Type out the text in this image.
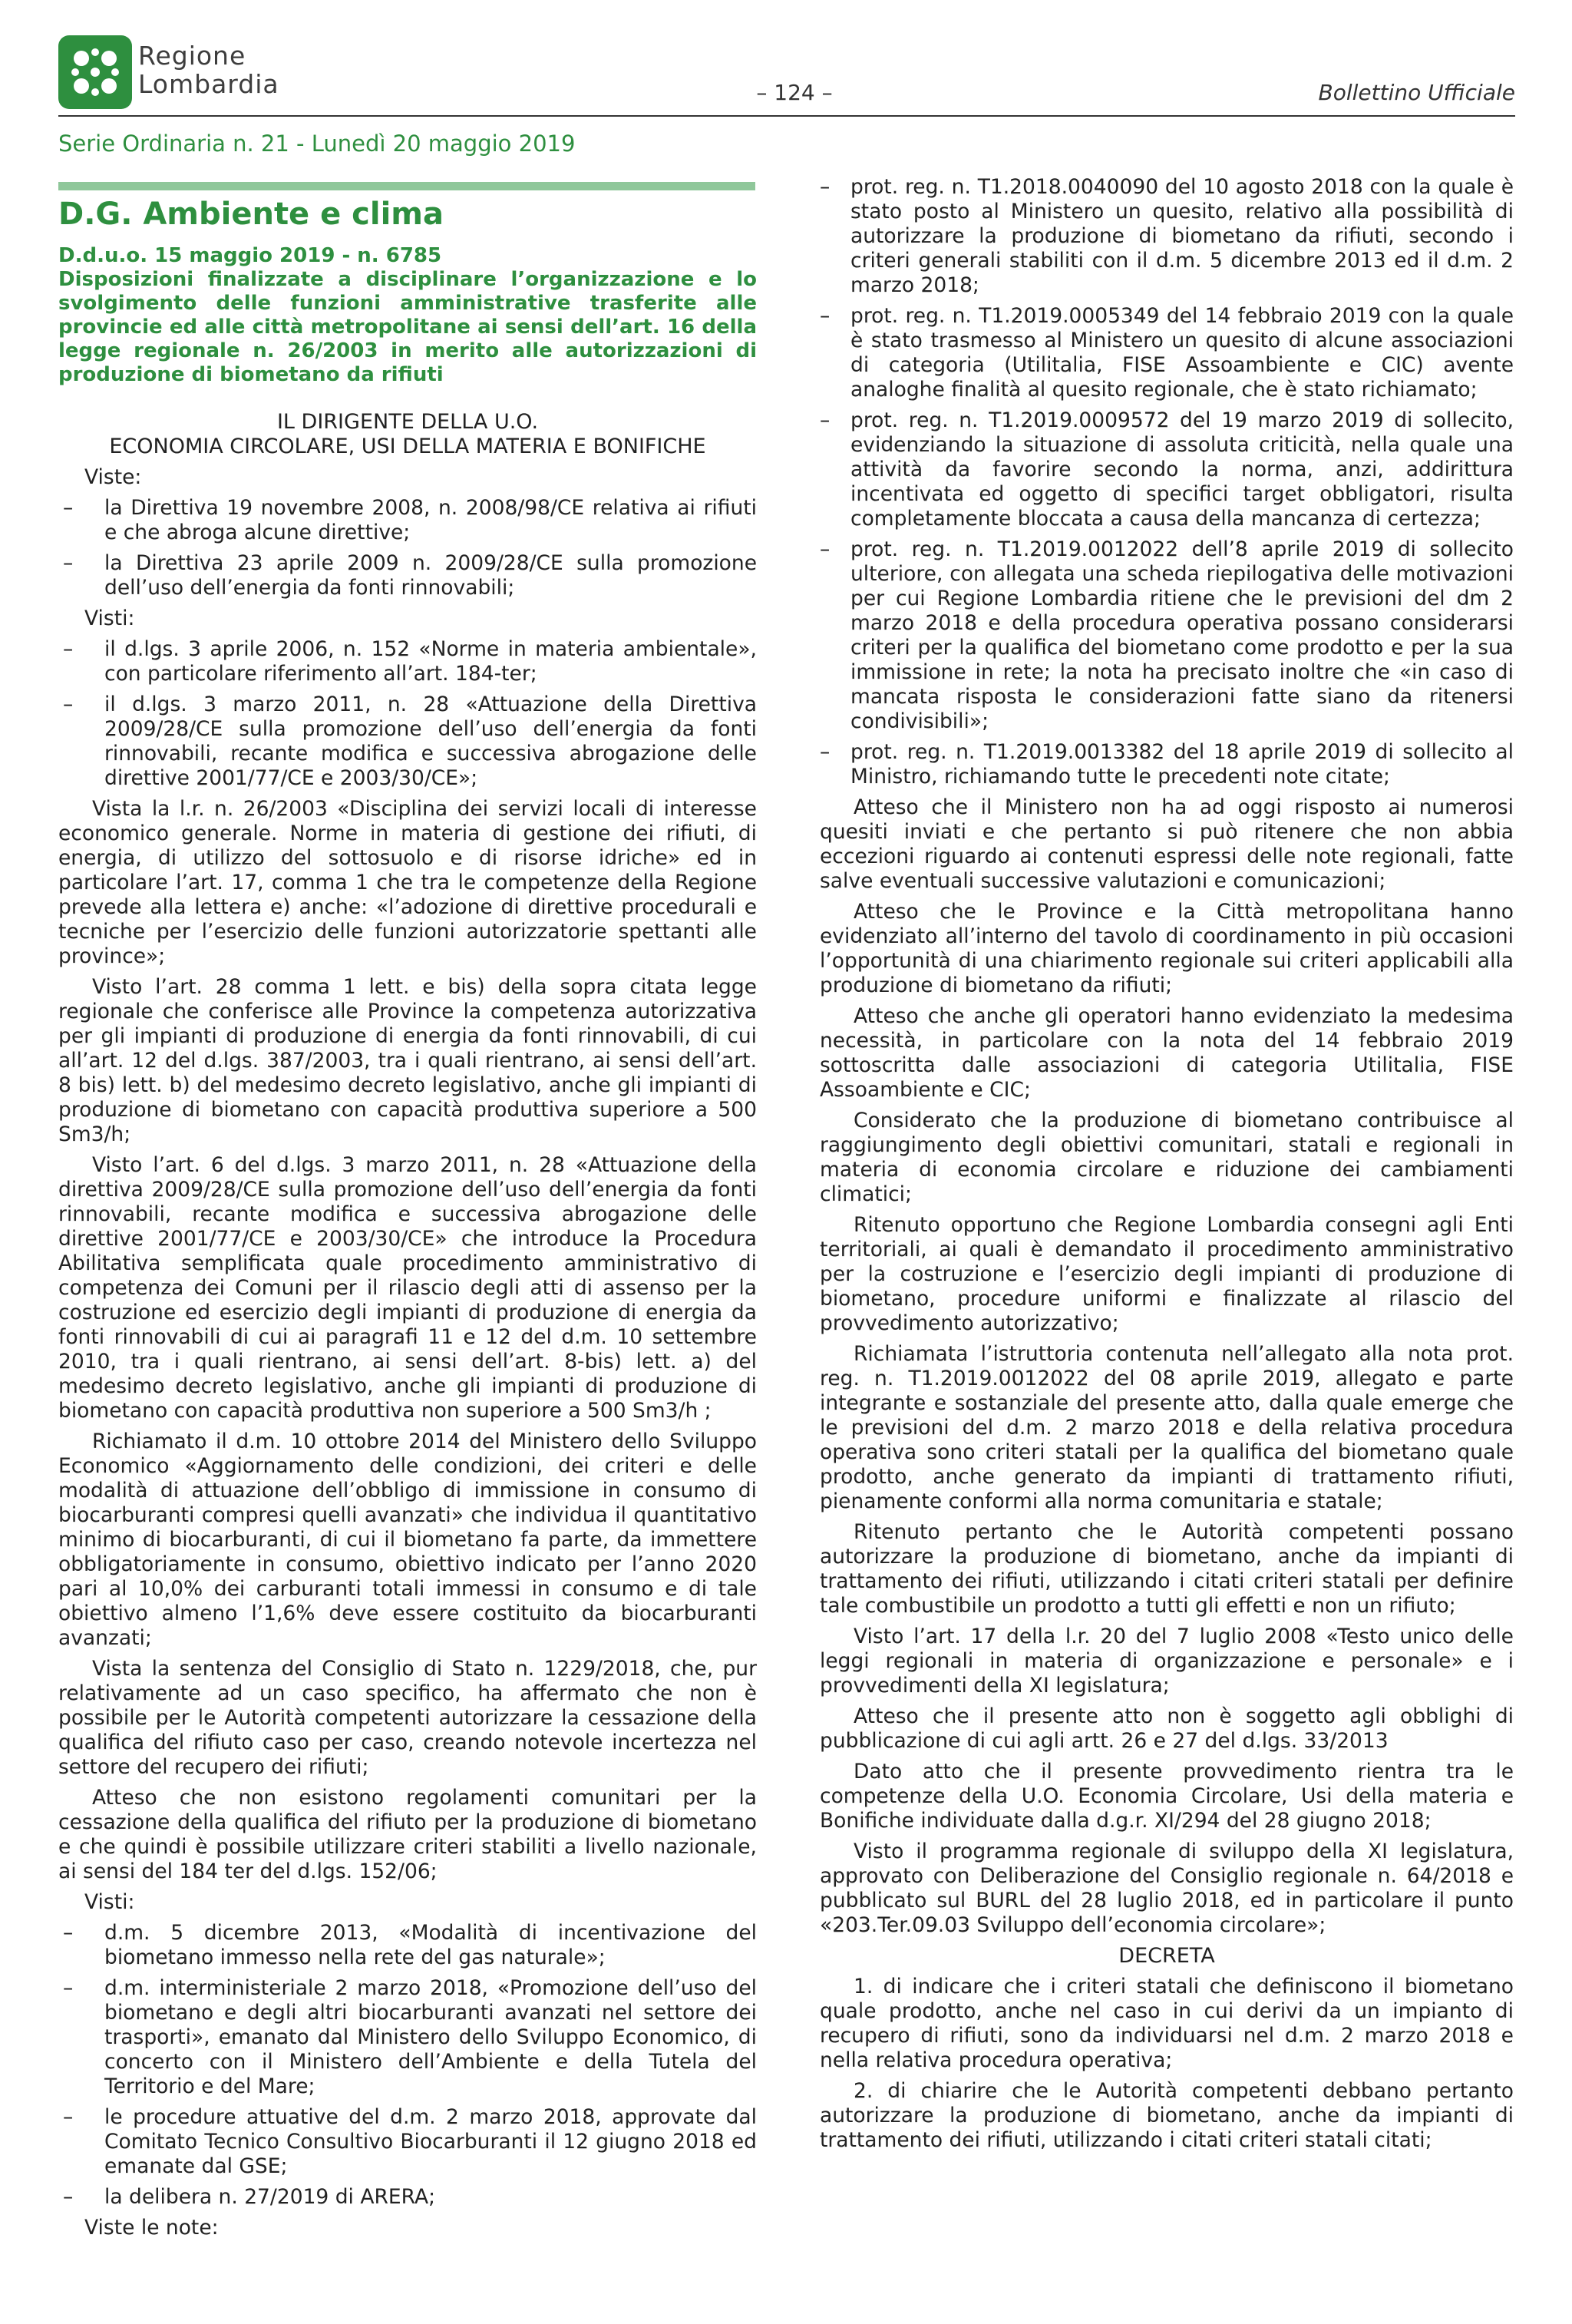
Regione
Lombardia	– 124 –	Bollettino Ufficiale
Serie Ordinaria n. 21 - Lunedì 20 maggio 2019
D.G. Ambiente e clima
D.d.u.o. 15 maggio 2019 - n. 6785
Disposizioni finalizzate a disciplinare l’organizzazione e lo svolgimento delle funzioni amministrative trasferite alle provincie ed alle città metropolitane ai sensi dell’art. 16 della legge regionale n. 26/2003 in merito alle autorizzazioni di produzione di biometano da rifiuti
IL DIRIGENTE DELLA U.O.
ECONOMIA CIRCOLARE, USI DELLA MATERIA E BONIFICHE
Viste:
–	la Direttiva 19 novembre 2008, n. 2008/98/CE relativa ai rifiuti e che abroga alcune direttive;
–	la Direttiva 23 aprile 2009 n. 2009/28/CE sulla promozione dell’uso dell’energia da fonti rinnovabili;
Visti:
–	il d.lgs. 3 aprile 2006, n. 152 «Norme in materia ambientale», con particolare riferimento all’art. 184-ter;
–	il d.lgs. 3 marzo 2011, n. 28 «Attuazione della Direttiva 2009/28/CE sulla promozione dell’uso dell’energia da fonti rinnovabili, recante modifica e successiva abrogazione delle direttive 2001/77/CE e 2003/30/CE»;

Vista la l.r. n. 26/2003 «Disciplina dei servizi locali di interesse economico generale. Norme in materia di gestione dei rifiuti, di energia, di utilizzo del sottosuolo e di risorse idriche» ed in particolare l’art. 17, comma 1 che tra le competenze della Regione prevede alla lettera e) anche: «l’adozione di direttive procedurali e tecniche per l’esercizio delle funzioni autorizzatorie spettanti alle province»;

Visto l’art. 28 comma 1 lett. e bis) della sopra citata legge regionale che conferisce alle Province la competenza autorizzativa per gli impianti di produzione di energia da fonti rinnovabili, di cui all’art. 12 del d.lgs. 387/2003, tra i quali rientrano, ai sensi dell’art. 8 bis) lett. b) del medesimo decreto legislativo, anche gli impianti di produzione di biometano con capacità produttiva superiore a 500 Sm3/h;

Visto l’art. 6 del d.lgs. 3 marzo 2011, n. 28 «Attuazione della direttiva 2009/28/CE sulla promozione dell’uso dell’energia da fonti rinnovabili, recante modifica e successiva abrogazione delle direttive 2001/77/CE e 2003/30/CE» che introduce la Procedura Abilitativa semplificata quale procedimento amministrativo di competenza dei Comuni per il rilascio degli atti di assenso per la costruzione ed esercizio degli impianti di produzione di energia da fonti rinnovabili di cui ai paragrafi 11 e 12 del d.m. 10 settembre 2010, tra i quali rientrano, ai sensi dell’art. 8-bis) lett. a) del medesimo decreto legislativo, anche gli impianti di produzione di biometano con capacità produttiva non superiore a 500 Sm3/h ;

Richiamato il d.m. 10 ottobre 2014 del Ministero dello Sviluppo Economico «Aggiornamento delle condizioni, dei criteri e delle modalità di attuazione dell’obbligo di immissione in consumo di biocarburanti compresi quelli avanzati» che individua il quantitativo minimo di biocarburanti, di cui il biometano fa parte, da immettere obbligatoriamente in consumo, obiettivo indicato per l’anno 2020 pari al 10,0% dei carburanti totali immessi in consumo e di tale obiettivo almeno l’1,6% deve essere costituito da biocarburanti avanzati;

Vista la sentenza del Consiglio di Stato n. 1229/2018, che, pur relativamente ad un caso specifico, ha affermato che non è possibile per le Autorità competenti autorizzare la cessazione della qualifica del rifiuto caso per caso, creando notevole incertezza nel settore del recupero dei rifiuti;

Atteso che non esistono regolamenti comunitari per la cessazione della qualifica del rifiuto per la produzione di biometano e che quindi è possibile utilizzare criteri stabiliti a livello nazionale, ai sensi del 184 ter del d.lgs. 152/06;

Visti:
–	d.m. 5 dicembre 2013, «Modalità di incentivazione del biometano immesso nella rete del gas naturale»;
–	d.m. interministeriale 2 marzo 2018, «Promozione dell’uso del biometano e degli altri biocarburanti avanzati nel settore dei trasporti», emanato dal Ministero dello Sviluppo Economico, di concerto con il Ministero dell’Ambiente e della Tutela del Territorio e del Mare;
–	le procedure attuative del d.m. 2 marzo 2018, approvate dal Comitato Tecnico Consultivo Biocarburanti il 12 giugno 2018 ed emanate dal GSE;
–	la delibera n. 27/2019 di ARERA;
Viste le note:
–	prot. reg. n. T1.2018.0040090 del 10 agosto 2018 con la quale è stato posto al Ministero un quesito, relativo alla possibilità di autorizzare la produzione di biometano da rifiuti, secondo i criteri generali stabiliti con il d.m. 5 dicembre 2013 ed il d.m. 2 marzo 2018;
–	prot. reg. n. T1.2019.0005349 del 14 febbraio 2019 con la quale è stato trasmesso al Ministero un quesito di alcune associazioni di categoria (Utilitalia, FISE Assoambiente e CIC) avente analoghe finalità al quesito regionale, che è stato richiamato;
–	prot. reg. n. T1.2019.0009572 del 19 marzo 2019 di sollecito, evidenziando la situazione di assoluta criticità, nella quale una attività da favorire secondo la norma, anzi, addirittura incentivata ed oggetto di specifici target obbligatori, risulta completamente bloccata a causa della mancanza di certezza;
–	prot. reg. n. T1.2019.0012022 dell’8 aprile 2019 di sollecito ulteriore, con allegata una scheda riepilogativa delle motivazioni per cui Regione Lombardia ritiene che le previsioni del dm 2 marzo 2018 e della procedura operativa possano considerarsi criteri per la qualifica del biometano come prodotto e per la sua immissione in rete; la nota ha precisato inoltre che «in caso di mancata risposta le considerazioni fatte siano da ritenersi condivisibili»;
–	prot. reg. n. T1.2019.0013382 del 18 aprile 2019 di sollecito al Ministro, richiamando tutte le precedenti note citate;

Atteso che il Ministero non ha ad oggi risposto ai numerosi quesiti inviati e che pertanto si può ritenere che non abbia eccezioni riguardo ai contenuti espressi delle note regionali, fatte salve eventuali successive valutazioni e comunicazioni;

Atteso che le Province e la Città metropolitana hanno evidenziato all’interno del tavolo di coordinamento in più occasioni l’opportunità di una chiarimento regionale sui criteri applicabili alla produzione di biometano da rifiuti;

Atteso che anche gli operatori hanno evidenziato la medesima necessità, in particolare con la nota del 14 febbraio 2019 sottoscritta dalle associazioni di categoria Utilitalia, FISE Assoambiente e CIC;

Considerato che la produzione di biometano contribuisce al raggiungimento degli obiettivi comunitari, statali e regionali in materia di economia circolare e riduzione dei cambiamenti climatici;

Ritenuto opportuno che Regione Lombardia consegni agli Enti territoriali, ai quali è demandato il procedimento amministrativo per la costruzione e l’esercizio degli impianti di produzione di biometano, procedure uniformi e finalizzate al rilascio del provvedimento autorizzativo;

Richiamata l’istruttoria contenuta nell’allegato alla nota prot. reg. n. T1.2019.0012022 del 08 aprile 2019, allegato e parte integrante e sostanziale del presente atto, dalla quale emerge che le previsioni del d.m. 2 marzo 2018 e della relativa procedura operativa sono criteri statali per la qualifica del biometano quale prodotto, anche generato da impianti di trattamento rifiuti, pienamente conformi alla norma comunitaria e statale;

Ritenuto pertanto che le Autorità competenti possano autorizzare la produzione di biometano, anche da impianti di trattamento dei rifiuti, utilizzando i citati criteri statali per definire tale combustibile un prodotto a tutti gli effetti e non un rifiuto;

Visto l’art. 17 della l.r. 20 del 7 luglio 2008 «Testo unico delle leggi regionali in materia di organizzazione e personale» e i provvedimenti della XI legislatura;

Atteso che il presente atto non è soggetto agli obblighi di pubblicazione di cui agli artt. 26 e 27 del d.lgs. 33/2013

Dato atto che il presente provvedimento rientra tra le competenze della U.O. Economia Circolare, Usi della materia e Bonifiche individuate dalla d.g.r. XI/294 del 28 giugno 2018;

Visto il programma regionale di sviluppo della XI legislatura, approvato con Deliberazione del Consiglio regionale n. 64/2018 e pubblicato sul BURL del 28 luglio 2018, ed in particolare il punto «203.Ter.09.03 Sviluppo dell’economia circolare»;

DECRETA

1. di indicare che i criteri statali che definiscono il biometano quale prodotto, anche nel caso in cui derivi da un impianto di recupero di rifiuti, sono da individuarsi nel d.m. 2 marzo 2018 e nella relativa procedura operativa;

2. di chiarire che le Autorità competenti debbano pertanto autorizzare la produzione di biometano, anche da impianti di trattamento dei rifiuti, utilizzando i citati criteri statali citati;
